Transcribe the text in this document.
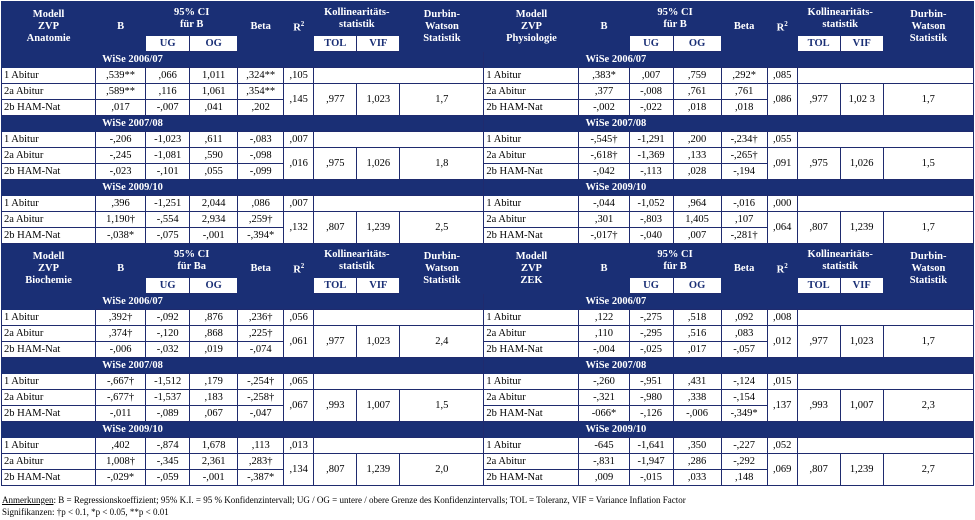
Modell
ZVP
Anatomie	B	95% CI
für B		Beta	$R^2$	Kollinearitäts-
statistik		Durbin-
Watson
Statistik	Modell
ZVP
Physiologie	B	95% CI
für B		Beta	$R^2$	Kollinearitäts-
statistik		Durbin-
Watson
Statistik
		UG	OG			TOL	VIF				UG	OG			TOL	VIF	
	WiSe 2006/07									WiSe 2006/07							
1 Abitur	,539**	,066	1,011	,324**	,105				1 Abitur	,383*	,007	,759	,292*	,085			
2a Abitur	,589**	,116	1,061	,354**	,145	,977	1,023	1,7	2a Abitur	,377	-,008	,761	,761	,086	,977	1,02 3	1,7
2b HAM-Nat	,017	-,007	,041	,202					2b HAM-Nat	-,002	-,022	,018	,018				
	WiSe 2007/08									WiSe 2007/08							
1 Abitur	-,206	-1,023	,611	-,083	,007				1 Abitur	-,545†	-1,291	,200	-,234†	,055			
2a Abitur	-,245	-1,081	,590	-,098	,016	,975	1,026	1,8	2a Abitur	-,618†	-1,369	,133	-,265†	,091	,975	1,026	1,5
2b HAM-Nat	-,023	-,101	,055	-,099					2b HAM-Nat	-,042	-,113	,028	-,194				
	WiSe 2009/10									WiSe 2009/10							
1 Abitur	,396	-1,251	2,044	,086	,007				1 Abitur	-,044	-1,052	,964	-,016	,000			
2a Abitur	1,190†	-,554	2,934	,259†	,132	,807	1,239	2,5	2a Abitur	,301	-,803	1,405	,107	,064	,807	1,239	1,7
2b HAM-Nat	-,038*	-,075	-,001	-,394*					2b HAM-Nat	-,017†	-,040	,007	-,281†				
Modell
ZVP
Biochemie	B	95% CI
für Ba		Beta	$R^2$	Kollinearitäts-
statistik		Durbin-
Watson
Statistik	Modell
ZVP
ZEK	B	95% CI
für B		Beta	$R^2$	Kollinearitäts-
statistik		Durbin-
Watson
Statistik
		UG	OG			TOL	VIF				UG	OG			TOL	VIF	
	WiSe 2006/07									WiSe 2006/07							
1 Abitur	,392†	-,092	,876	,236†	,056				1 Abitur	,122	-,275	,518	,092	,008			
2a Abitur	,374†	-,120	,868	,225†	,061	,977	1,023	2,4	2a Abitur	,110	-,295	,516	,083	,012	,977	1,023	1,7
2b HAM-Nat	-,006	-,032	,019	-,074					2b HAM-Nat	-,004	-,025	,017	-,057				
	WiSe 2007/08									WiSe 2007/08							
1 Abitur	-,667†	-1,512	,179	-,254†	,065				1 Abitur	-,260	-,951	,431	-,124	,015			
2a Abitur	-,677†	-1,537	,183	-,258†	,067	,993	1,007	1,5	2a Abitur	-,321	-,980	,338	-,154	,137	,993	1,007	2,3
2b HAM-Nat	-,011	-,089	,067	-,047					2b HAM-Nat	-066*	-,126	-,006	-,349*				
	WiSe 2009/10									WiSe 2009/10							
1 Abitur	,402	-,874	1,678	,113	,013				1 Abitur	-645	-1,641	,350	-,227	,052			
2a Abitur	1,008†	-,345	2,361	,283†	,134	,807	1,239	2,0	2a Abitur	-,831	-1,947	,286	-,292	,069	,807	1,239	2,7
2b HAM-Nat	-,029*	-,059	-,001	-,387*					2b HAM-Nat	,009	-,015	,033	,148				
Anmerkungen: B = Regressionskoeffizient; 95% K.I. = 95 % Konfidenzintervall; UG / OG = untere / obere Grenze des Konfidenzintervalls; TOL = Toleranz, VIF = Variance Inflation Factor
Signifikanzen: †p < 0.1, *p < 0.05, **p < 0.01
